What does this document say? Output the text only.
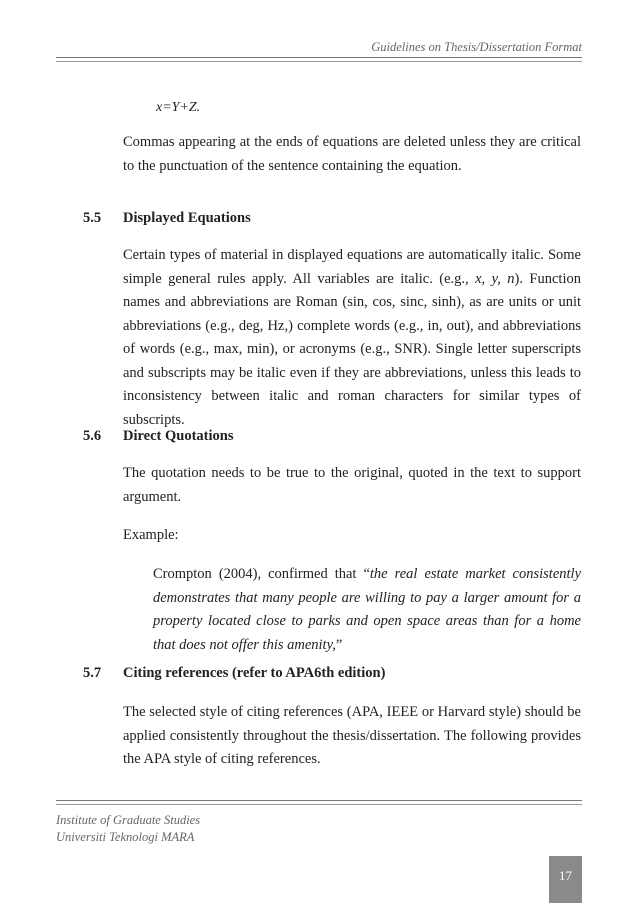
Guidelines on Thesis/Dissertation Format
x=Y+Z.

Commas appearing at the ends of equations are deleted unless they are critical to the punctuation of the sentence containing the equation.

5.5 Displayed Equations

Certain types of material in displayed equations are automatically italic. Some simple general rules apply. All variables are italic. (e.g., x, y, n). Function names and abbreviations are Roman (sin, cos, sinc, sinh), as are units or unit abbreviations (e.g., deg, Hz,) complete words (e.g., in, out), and abbreviations of words (e.g., max, min), or acronyms (e.g., SNR). Single letter superscripts and subscripts may be italic even if they are abbreviations, unless this leads to inconsistency between italic and roman characters for similar types of subscripts.

5.6 Direct Quotations

The quotation needs to be true to the original, quoted in the text to support argument.

Example:

Crompton (2004), confirmed that “the real estate market consistently demonstrates that many people are willing to pay a larger amount for a property located close to parks and open space areas than for a home that does not offer this amenity,”
5.7 Citing references (refer to APA6th edition)

The selected style of citing references (APA, IEEE or Harvard style) should be applied consistently throughout the thesis/dissertation. The following provides the APA style of citing references.

Institute of Graduate Studies
Universiti Teknologi MARA
17
